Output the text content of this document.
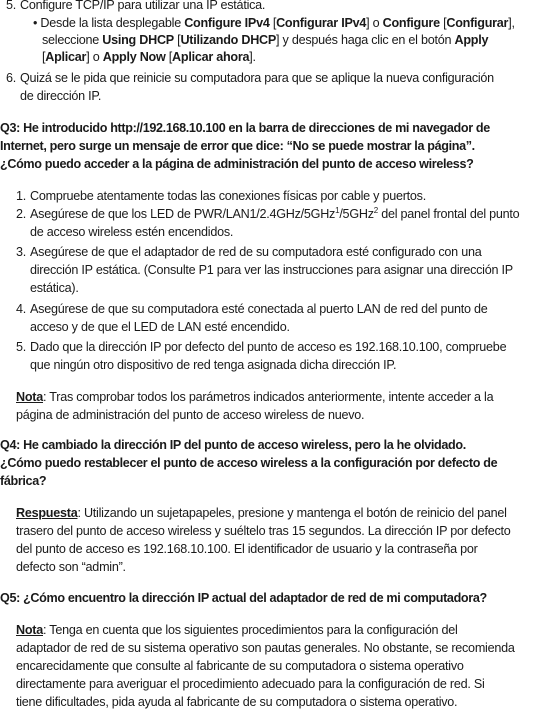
5. Configure TCP/IP para utilizar una IP estática.
• Desde la lista desplegable Configure IPv4 [Configurar IPv4] o Configure [Configurar],
seleccione Using DHCP [Utilizando DHCP] y después haga clic en el botón Apply
[Aplicar] o Apply Now [Aplicar ahora].
6. Quizá se le pida que reinicie su computadora para que se aplique la nueva configuración
de dirección IP.
Q3: He introducido http://192.168.10.100 en la barra de direcciones de mi navegador de
Internet, pero surge un mensaje de error que dice: “No se puede mostrar la página”.
¿Cómo puedo acceder a la página de administración del punto de acceso wireless?
1. Compruebe atentamente todas las conexiones físicas por cable y puertos.
2. Asegúrese de que los LED de PWR/LAN1/2.4GHz/5GHz$^1$/5GHz$^2$ del panel frontal del punto
de acceso wireless estén encendidos.
3. Asegúrese de que el adaptador de red de su computadora esté configurado con una
dirección IP estática. (Consulte P1 para ver las instrucciones para asignar una dirección IP
estática).
4. Asegúrese de que su computadora esté conectada al puerto LAN de red del punto de
acceso y de que el LED de LAN esté encendido.
5. Dado que la dirección IP por defecto del punto de acceso es 192.168.10.100, compruebe
que ningún otro dispositivo de red tenga asignada dicha dirección IP.
Nota: Tras comprobar todos los parámetros indicados anteriormente, intente acceder a la
página de administración del punto de acceso wireless de nuevo.
Q4: He cambiado la dirección IP del punto de acceso wireless, pero la he olvidado.
¿Cómo puedo restablecer el punto de acceso wireless a la configuración por defecto de
fábrica?
Respuesta: Utilizando un sujetapapeles, presione y mantenga el botón de reinicio del panel
trasero del punto de acceso wireless y suéltelo tras 15 segundos. La dirección IP por defecto
del punto de acceso es 192.168.10.100. El identificador de usuario y la contraseña por
defecto son “admin”.
Q5: ¿Cómo encuentro la dirección IP actual del adaptador de red de mi computadora?
Nota: Tenga en cuenta que los siguientes procedimientos para la configuración del
adaptador de red de su sistema operativo son pautas generales. No obstante, se recomienda
encarecidamente que consulte al fabricante de su computadora o sistema operativo
directamente para averiguar el procedimiento adecuado para la configuración de red. Si
tiene dificultades, pida ayuda al fabricante de su computadora o sistema operativo.
